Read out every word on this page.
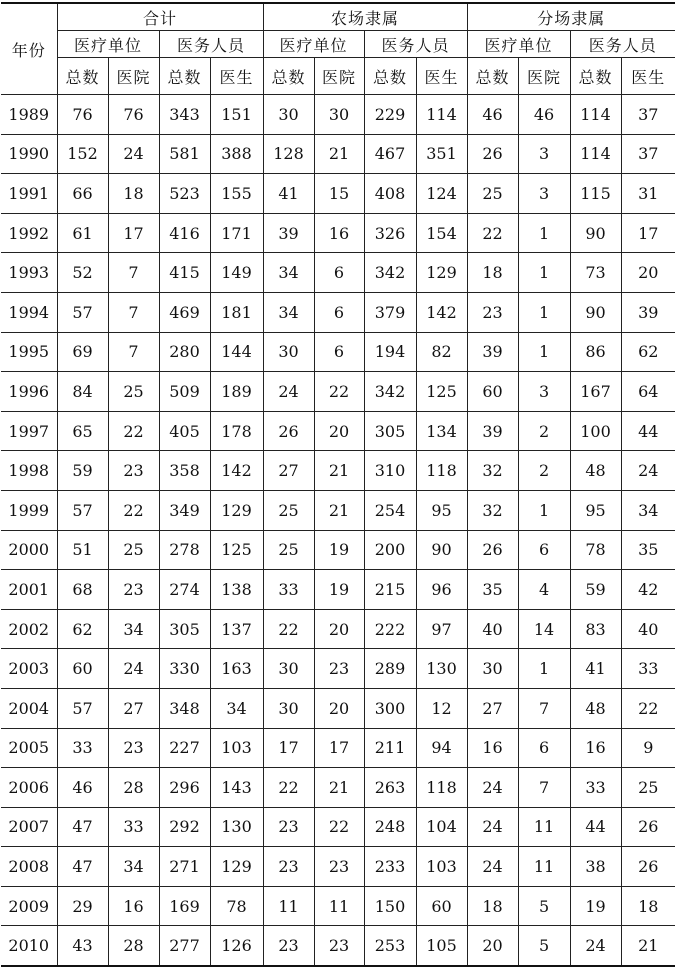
年份	合计				农场隶属				分场隶属			
	医疗单位		医务人员		医疗单位		医务人员		医疗单位		医务人员	
	总数	医院	总数	医生	总数	医院	总数	医生	总数	医院	总数	医生
1989	76	76	343	151	30	30	229	114	46	46	114	37
1990	152	24	581	388	128	21	467	351	26	3	114	37
1991	66	18	523	155	41	15	408	124	25	3	115	31
1992	61	17	416	171	39	16	326	154	22	1	90	17
1993	52	7	415	149	34	6	342	129	18	1	73	20
1994	57	7	469	181	34	6	379	142	23	1	90	39
1995	69	7	280	144	30	6	194	82	39	1	86	62
1996	84	25	509	189	24	22	342	125	60	3	167	64
1997	65	22	405	178	26	20	305	134	39	2	100	44
1998	59	23	358	142	27	21	310	118	32	2	48	24
1999	57	22	349	129	25	21	254	95	32	1	95	34
2000	51	25	278	125	25	19	200	90	26	6	78	35
2001	68	23	274	138	33	19	215	96	35	4	59	42
2002	62	34	305	137	22	20	222	97	40	14	83	40
2003	60	24	330	163	30	23	289	130	30	1	41	33
2004	57	27	348	34	30	20	300	12	27	7	48	22
2005	33	23	227	103	17	17	211	94	16	6	16	9
2006	46	28	296	143	22	21	263	118	24	7	33	25
2007	47	33	292	130	23	22	248	104	24	11	44	26
2008	47	34	271	129	23	23	233	103	24	11	38	26
2009	29	16	169	78	11	11	150	60	18	5	19	18
2010	43	28	277	126	23	23	253	105	20	5	24	21
